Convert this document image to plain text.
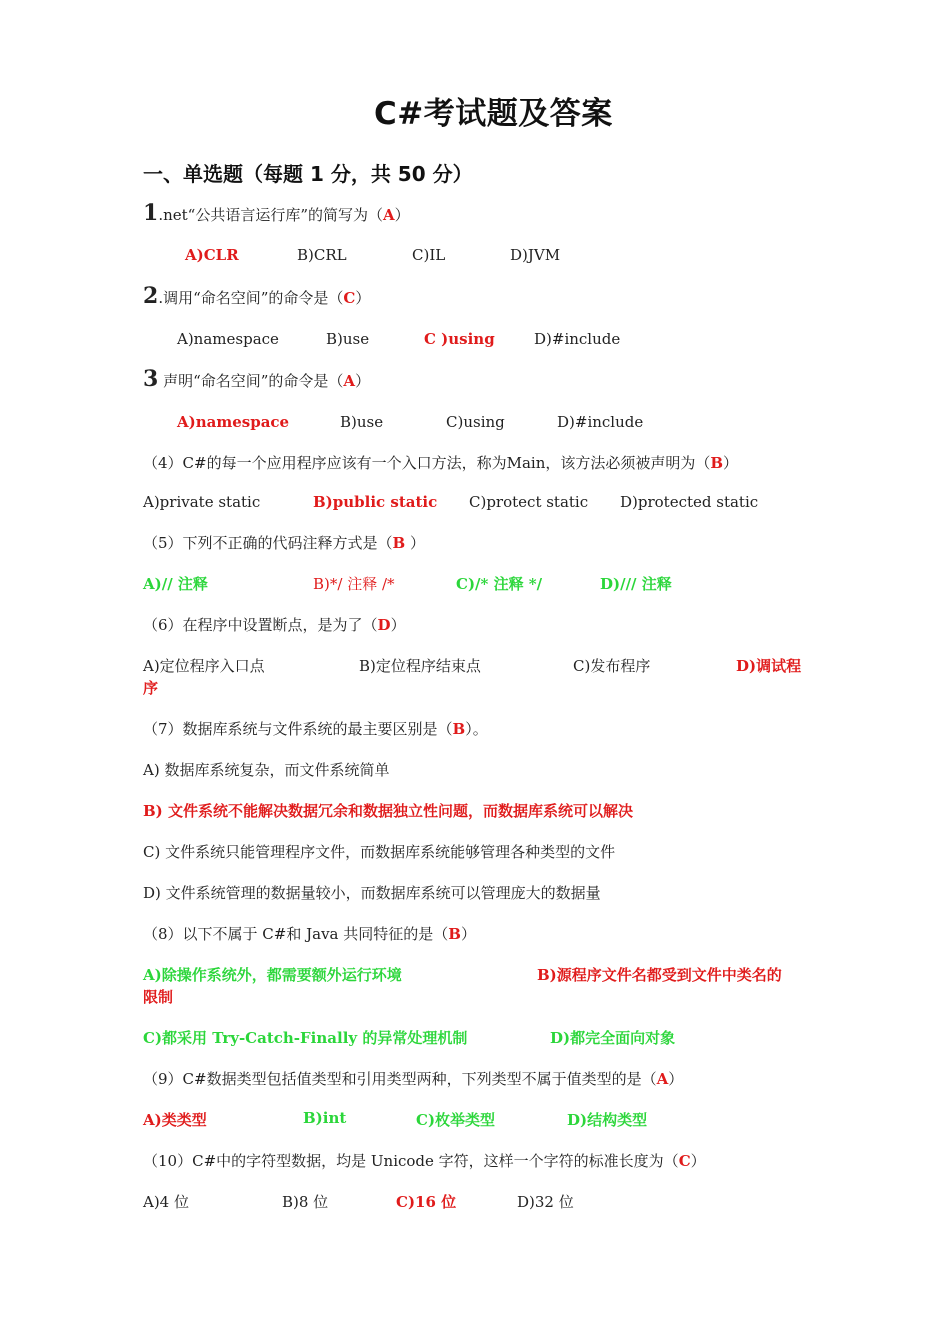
C#考试题及答案
一、单选题（每题 1 分，共 50 分）
1.net“公共语言运行库”的简写为（A）
A)CLR	B)CRL	C)IL	D)JVM
2.调用“命名空间”的命令是（C）
A)namespace	B)use	C )using	D)#include
3 声明“命名空间”的命令是（A）
A)namespace	B)use	C)using	D)#include
（4）C#的每一个应用程序应该有一个入口方法，称为Main，该方法必须被声明为（B）
A)private static	B)public static C)protect static D)protected static
（5）下列不正确的代码注释方式是（B ）
A)// 注释	B)*/ 注释 /*	C)/* 注释 */	D)/// 注释
（6）在程序中设置断点，是为了（D）
A)定位程序入口点	B)定位程序结束点	C)发布程序	D)调试程
序
（7）数据库系统与文件系统的最主要区别是（B）。
A) 数据库系统复杂，而文件系统简单
B) 文件系统不能解决数据冗余和数据独立性问题，而数据库系统可以解决
C) 文件系统只能管理程序文件，而数据库系统能够管理各种类型的文件
D) 文件系统管理的数据量较小，而数据库系统可以管理庞大的数据量
（8）以下不属于 C#和 Java 共同特征的是（B）
A)除操作系统外，都需要额外运行环境	B)源程序文件名都受到文件中类名的
限制
C)都采用 Try-Catch-Finally 的异常处理机制	D)都完全面向对象
（9）C#数据类型包括值类型和引用类型两种，下列类型不属于值类型的是（A）
A)类类型	B)int	C)枚举类型	D)结构类型
（10）C#中的字符型数据，均是 Unicode 字符，这样一个字符的标准长度为（C）
A)4 位	B)8 位	C)16 位	D)32 位
